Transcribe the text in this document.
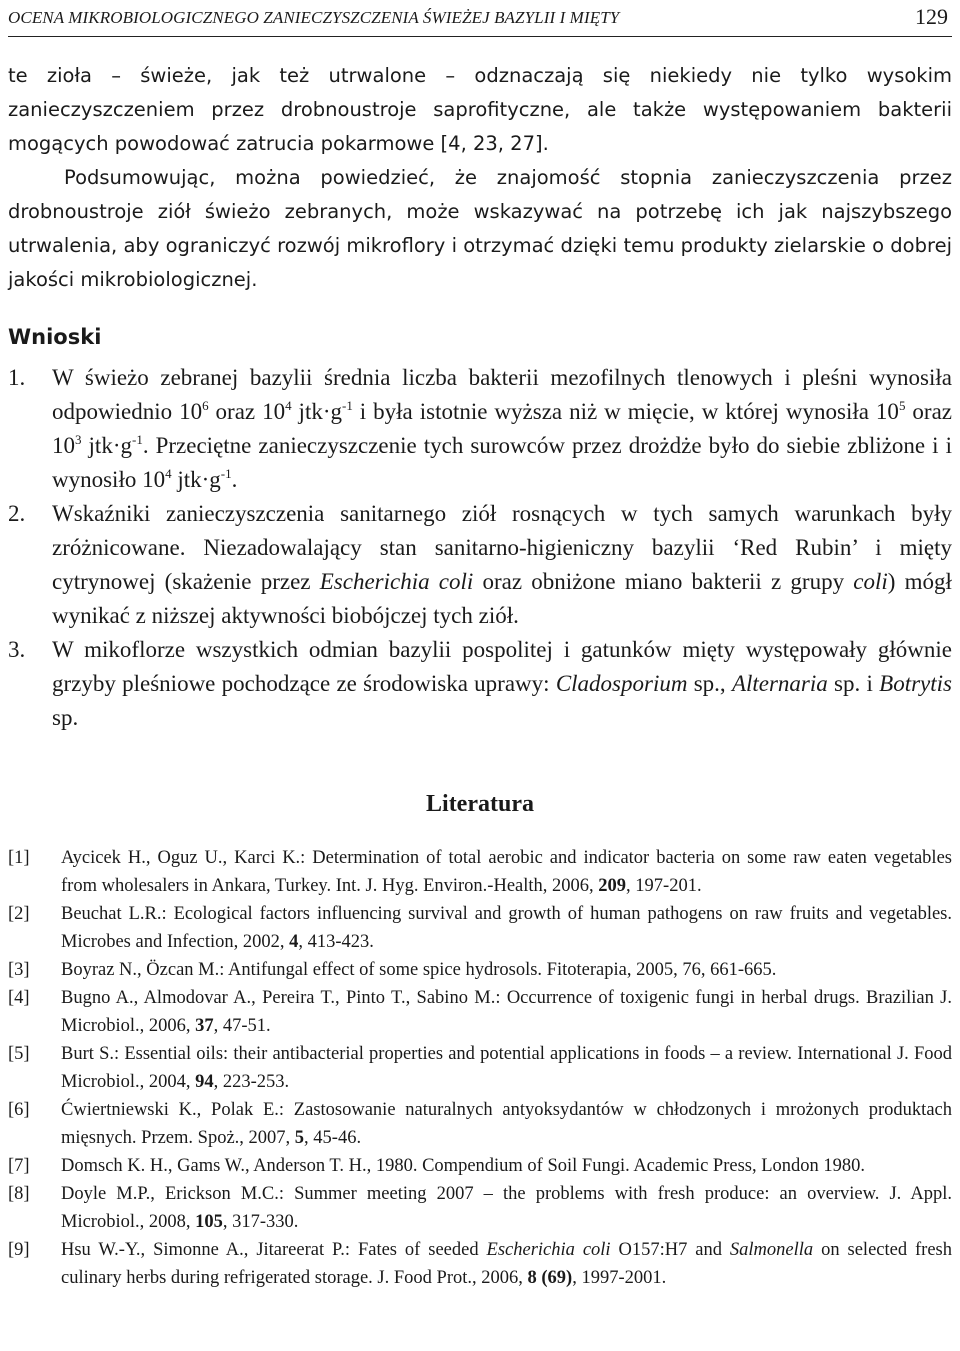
OCENA MIKROBIOLOGICZNEGO ZANIECZYSZCZENIA ŚWIEŻEJ BAZYLII I MIĘTY	129

te zioła – świeże, jak też utrwalone – odznaczają się niekiedy nie tylko wysokim zanieczyszczeniem przez drobnoustroje saprofityczne, ale także występowaniem bakterii mogących powodować zatrucia pokarmowe [4, 23, 27].

Podsumowując, można powiedzieć, że znajomość stopnia zanieczyszczenia przez drobnoustroje ziół świeżo zebranych, może wskazywać na potrzebę ich jak najszybszego utrwalenia, aby ograniczyć rozwój mikroflory i otrzymać dzięki temu produkty zielarskie o dobrej jakości mikrobiologicznej.

Wnioski
1.	W świeżo zebranej bazylii średnia liczba bakterii mezofilnych tlenowych i pleśni wynosiła odpowiednio $10^6$ oraz $10^4$ $jtk\cdot g^{-1}$ i była istotnie wyższa niż w mięcie, w której wynosiła $10^5$ oraz $10^3$ $jtk\cdot g^{-1}$. Przeciętne zanieczyszczenie tych surowców przez drożdże było do siebie zbliżone i i wynosiło $10^4$ $jtk\cdot g^{-1}$.
2.	Wskaźniki zanieczyszczenia sanitarnego ziół rosnących w tych samych warunkach były zróżnicowane. Niezadowalający stan sanitarno-higieniczny bazylii ‘Red Rubin’ i mięty cytrynowej (skażenie przez Escherichia coli oraz obniżone miano bakterii z grupy coli) mógł wynikać z niższej aktywności biobójczej tych ziół.
3.	W mikoflorze wszystkich odmian bazylii pospolitej i gatunków mięty występowały głównie grzyby pleśniowe pochodzące ze środowiska uprawy: Cladosporium sp., Alternaria sp. i Botrytis sp.
Literatura
[1]	Aycicek H., Oguz U., Karci K.: Determination of total aerobic and indicator bacteria on some raw eaten vegetables from wholesalers in Ankara, Turkey. Int. J. Hyg. Environ.-Health, 2006, 209, 197-201.
[2]	Beuchat L.R.: Ecological factors influencing survival and growth of human pathogens on raw fruits and vegetables. Microbes and Infection, 2002, 4, 413-423.
[3]	Boyraz N., Özcan M.: Antifungal effect of some spice hydrosols. Fitoterapia, 2005, 76, 661-665.
[4]	Bugno A., Almodovar A., Pereira T., Pinto T., Sabino M.: Occurrence of toxigenic fungi in herbal drugs. Brazilian J. Microbiol., 2006, 37, 47-51.
[5]	Burt S.: Essential oils: their antibacterial properties and potential applications in foods – a review. International J. Food Microbiol., 2004, 94, 223-253.
[6]	Ćwiertniewski K., Polak E.: Zastosowanie naturalnych antyoksydantów w chłodzonych i mrożonych produktach mięsnych. Przem. Spoż., 2007, 5, 45-46.
[7]	Domsch K. H., Gams W., Anderson T. H., 1980. Compendium of Soil Fungi. Academic Press, London 1980.
[8]	Doyle M.P., Erickson M.C.: Summer meeting 2007 – the problems with fresh produce: an overview. J. Appl. Microbiol., 2008, 105, 317-330.
[9]	Hsu W.-Y., Simonne A., Jitareerat P.: Fates of seeded Escherichia coli O157:H7 and Salmonella on selected fresh culinary herbs during refrigerated storage. J. Food Prot., 2006, 8 (69), 1997-2001.
